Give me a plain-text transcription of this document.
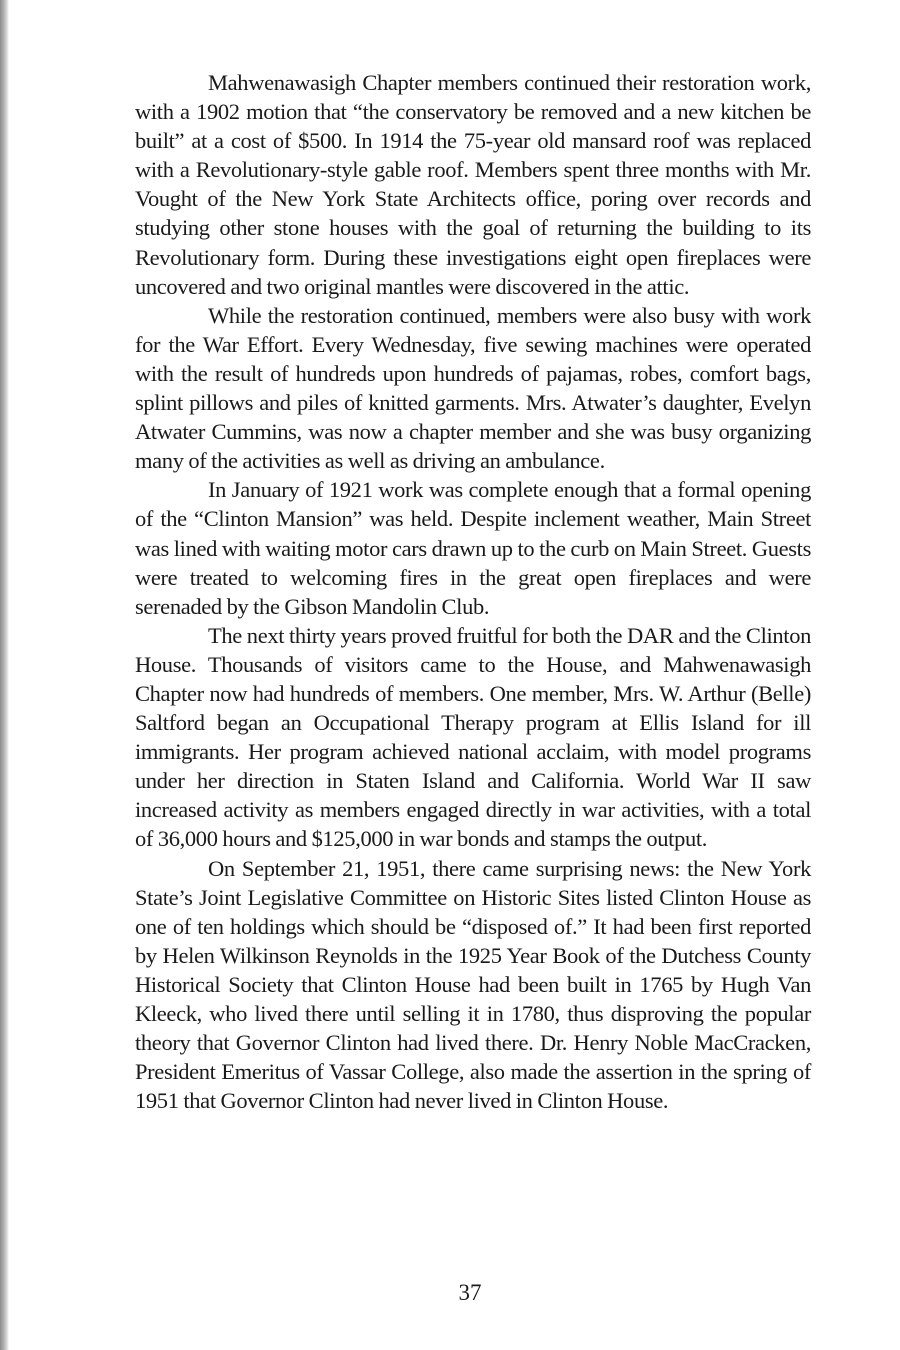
Mahwenawasigh Chapter members continued their restoration work, with a 1902 motion that “the conservatory be removed and a new kitchen be built” at a cost of $500. In 1914 the 75-year old mansard roof was replaced with a Revolutionary-style gable roof. Members spent three months with Mr. Vought of the New York State Architects office, poring over records and studying other stone houses with the goal of returning the building to its Revolutionary form. During these investigations eight open fireplaces were uncovered and two original mantles were discovered in the attic.

While the restoration continued, members were also busy with work for the War Effort. Every Wednesday, five sewing machines were operated with the result of hundreds upon hundreds of pajamas, robes, comfort bags, splint pillows and piles of knitted garments. Mrs. Atwater’s daughter, Evelyn Atwater Cummins, was now a chapter member and she was busy organizing many of the activities as well as driving an ambulance.

In January of 1921 work was complete enough that a formal opening of the “Clinton Mansion” was held. Despite inclement weather, Main Street was lined with waiting motor cars drawn up to the curb on Main Street. Guests were treated to welcoming fires in the great open fireplaces and were serenaded by the Gibson Mandolin Club.

The next thirty years proved fruitful for both the DAR and the Clinton House. Thousands of visitors came to the House, and Mahwenawasigh Chapter now had hundreds of members. One member, Mrs. W. Arthur (Belle) Saltford began an Occupational Therapy program at Ellis Island for ill immigrants. Her program achieved national acclaim, with model programs under her direction in Staten Island and California. World War II saw increased activity as members engaged directly in war activities, with a total of 36,000 hours and $125,000 in war bonds and stamps the output.

On September 21, 1951, there came surprising news: the New York State’s Joint Legislative Committee on Historic Sites listed Clinton House as one of ten holdings which should be “disposed of.” It had been first reported by Helen Wilkinson Reynolds in the 1925 Year Book of the Dutchess County Historical Society that Clinton House had been built in 1765 by Hugh Van Kleeck, who lived there until selling it in 1780, thus disproving the popular theory that Governor Clinton had lived there. Dr. Henry Noble MacCracken, President Emeritus of Vassar College, also made the assertion in the spring of 1951 that Governor Clinton had never lived in Clinton House.

37
